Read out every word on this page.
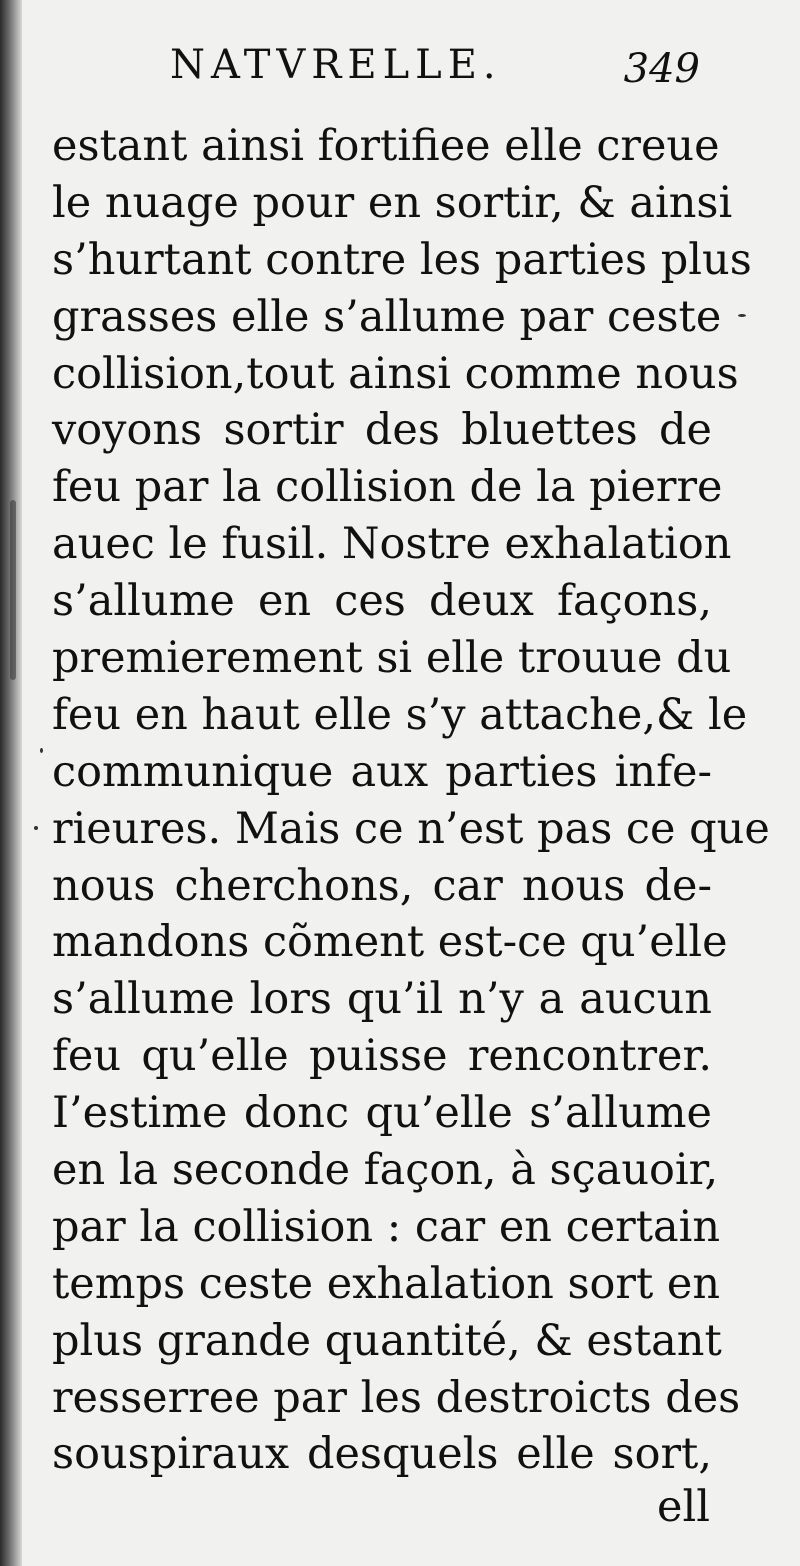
NATVRELLE.	349
estant ainsi fortifiee elle creue
le nuage pour en sortir, & ainsi
s’hurtant contre les parties plus
grasses elle s’allume par ceste
collision,tout ainsi comme nous
voyons sortir des bluettes de
feu par la collision de la pierre
auec le fusil. Nostre exhalation
s’allume en ces deux façons,
premierement si elle trouue du
feu en haut elle s’y attache,& le
communique aux parties infe-
rieures. Mais ce n’est pas ce que
nous cherchons, car nous de-
mandons cõment est-ce qu’elle
s’allume lors qu’il n’y a aucun
feu qu’elle puisse rencontrer.
I’estime donc qu’elle s’allume
en la seconde façon, à sçauoir,
par la collision : car en certain
temps ceste exhalation sort en
plus grande quantité, & estant
resserree par les destroicts des
souspiraux desquels elle sort,
ell
